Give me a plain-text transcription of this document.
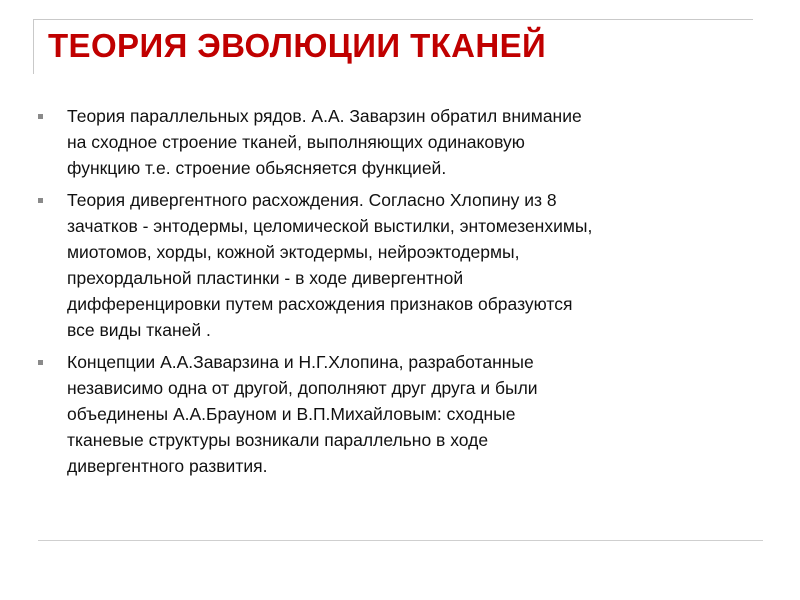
ТЕОРИЯ ЭВОЛЮЦИИ ТКАНЕЙ
Теория параллельных рядов. А.А. Заварзин обратил внимание
на сходное строение тканей, выполняющих одинаковую
функцию т.е. строение обьясняется функцией.
Теория дивергентного расхождения. Согласно Хлопину из 8
зачатков - энтодермы, целомической выстилки, энтомезенхимы,
миотомов, хорды, кожной эктодермы, нейроэктодермы,
прехордальной пластинки - в ходе дивергентной
дифференцировки путем расхождения признаков образуются
все виды тканей .
Концепции А.А.Заварзина и Н.Г.Хлопина, разработанные
независимо одна от другой, дополняют друг друга и были
объединены А.А.Брауном и В.П.Михайловым: сходные
тканевые структуры возникали параллельно в ходе
дивергентного развития.
